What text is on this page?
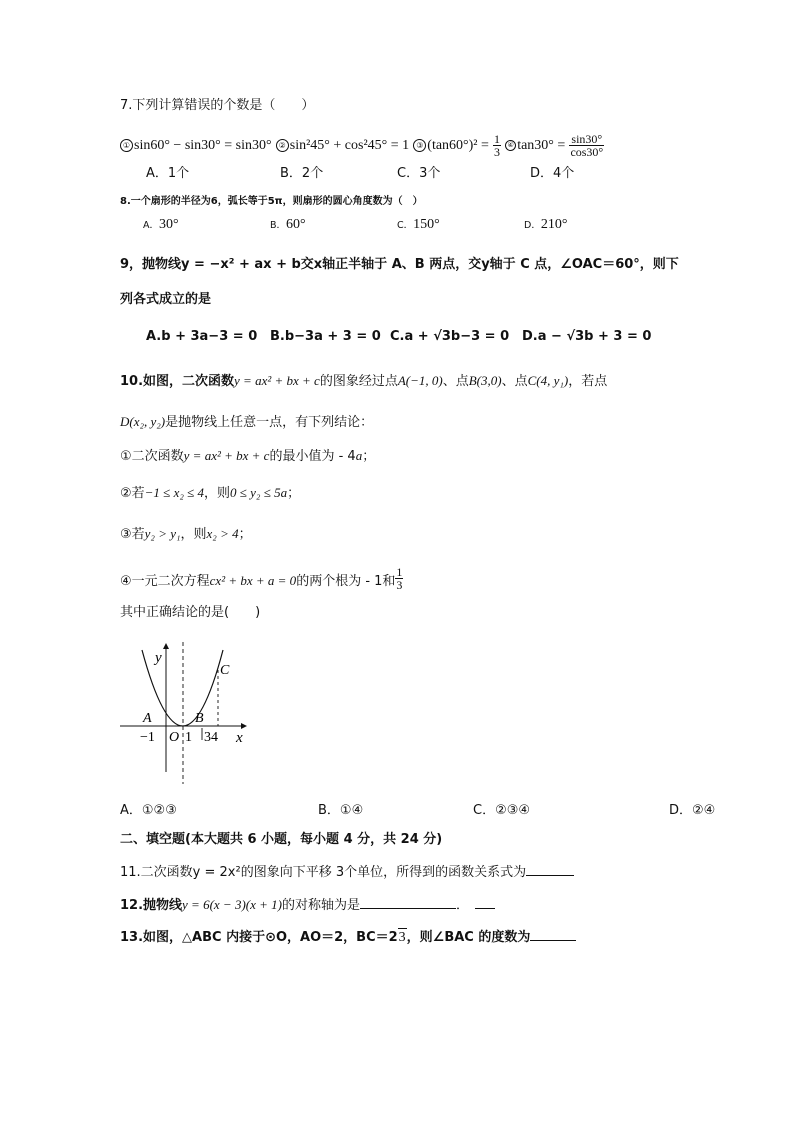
7.下列计算错误的个数是（　　）
① sin60° − sin30° = sin30° ② sin²45° + cos²45° = 1 ③ $(\tan 60^\circ)^2 = \frac{1}{3}$ ④ $\tan 30^\circ = \frac{\sin 30^\circ}{\cos 30^\circ}$
A．1个	B．2个	C．3个	D．4个
8.一个扇形的半径为6，弧长等于5π，则扇形的圆心角度数为（　）
A．30°	B．60°	C．150°	D．210°
9，抛物线y = −x² + ax + b交x轴正半轴于 A、B 两点，交y轴于 C 点，∠OAC＝60°，则下
列各式成立的是
A.b + 3a−3 = 0 B.b−3a + 3 = 0 C.a + √3b−3 = 0 D.a − √3b + 3 = 0
10.如图，二次函数y = ax² + bx + c的图象经过点A(−1, 0)、点B(3,0)、点C(4, y₁)，若点
D(x₂, y₂)是抛物线上任意一点，有下列结论：
①二次函数y = ax² + bx + c的最小值为 - 4a；
②若−1 ≤ x₂ ≤ 4，则0 ≤ y₂ ≤ 5a；
③若y₂ > y₁，则x₂ > 4；
④一元二次方程cx² + bx + a = 0的两个根为 - 1和 $\frac{1}{3}$
其中正确结论的是(　　)
y
x
A	B
C
O
−1 1 34
A．①②③	B．①④	C．②③④	D．②④
二、填空题(本大题共 6 小题，每小题 4 分，共 24 分)
11.二次函数y = 2x²的图象向下平移 3个单位，所得到的函数关系式为
12.抛物线y = 6(x − 3)(x + 1)的对称轴为是	．
13.如图，△ABC 内接于⊙O，AO＝2，BC＝23，则∠BAC 的度数为
